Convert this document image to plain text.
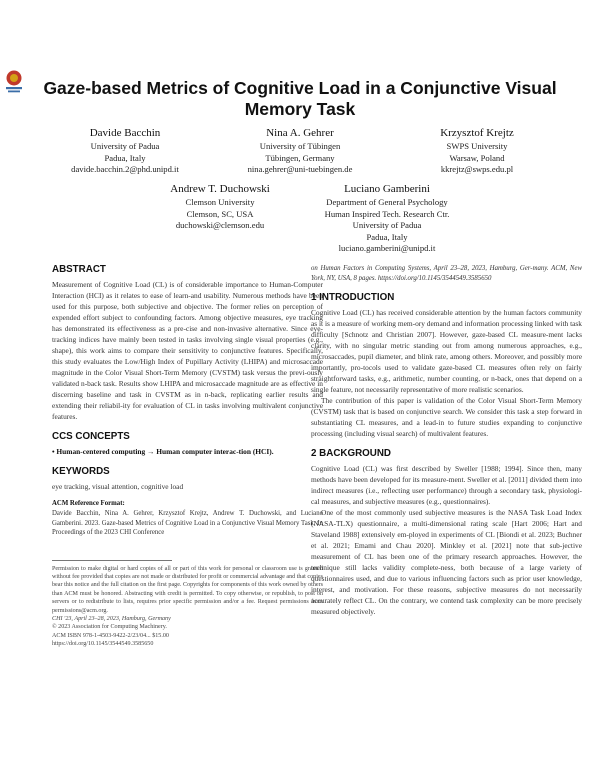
Gaze-based Metrics of Cognitive Load in a Conjunctive Visual Memory Task
Davide Bacchin
University of Padua
Padua, Italy
davide.bacchin.2@phd.unipd.it
Nina A. Gehrer
University of Tübingen
Tübingen, Germany
nina.gehrer@uni-tuebingen.de
Krzysztof Krejtz
SWPS University
Warsaw, Poland
kkrejtz@swps.edu.pl
Andrew T. Duchowski
Clemson University
Clemson, SC, USA
duchowski@clemson.edu
Luciano Gamberini
Department of General Psychology
Human Inspired Tech. Research Ctr.
University of Padua
Padua, Italy
luciano.gamberini@unipd.it
ABSTRACT

Measurement of Cognitive Load (CL) is of considerable importance to Human-Computer Interaction (HCI) as it relates to ease of learn-and usability. Numerous methods have been used for this purpose, both subjective and objective. The former relies on perception of expended effort subject to confounding factors. Among objective measures, eye tracking has demonstrated its effectiveness as a pre-cise and non-invasive alternative. Since eye-tracking indices have mainly been tested in tasks involving single visual properties (e.g., shape), this work aims to compare their sensitivity to conjunctive features. Specifically, this study evaluates the Low/High Index of Pupillary Activity (LHIPA) and microsaccade magnitude in the Color Visual Short-Term Memory (CVSTM) task versus the previ-ously validated n-back task. Results show LHIPA and microsaccade magnitude are as effective in discerning baseline and task in CVSTM as in n-back, replicating earlier results and extending their reliabil-ity for evaluation of CL in tasks involving multivalent conjunctive features.

CCS CONCEPTS

• Human-centered computing → Human computer interac-tion (HCI).

KEYWORDS

eye tracking, visual attention, cognitive load

ACM Reference Format:

Davide Bacchin, Nina A. Gehrer, Krzysztof Krejtz, Andrew T. Duchowski, and Luciano Gamberini. 2023. Gaze-based Metrics of Cognitive Load in a Conjunctive Visual Memory Task. In Proceedings of the 2023 CHI Conference

Permission to make digital or hard copies of all or part of this work for personal or classroom use is granted without fee provided that copies are not made or distributed for profit or commercial advantage and that copies bear this notice and the full citation on the first page. Copyrights for components of this work owned by others than ACM must be honored. Abstracting with credit is permitted. To copy otherwise, or republish, to post on servers or to redistribute to lists, requires prior specific permission and/or a fee. Request permissions from permissions@acm.org.

CHI '23, April 23–28, 2023, Hamburg, Germany

© 2023 Association for Computing Machinery.

ACM ISBN 978-1-4503-9422-2/23/04... $15.00

https://doi.org/10.1145/3544549.3585650

on Human Factors in Computing Systems, April 23–28, 2023, Hamburg, Ger-many. ACM, New York, NY, USA, 8 pages. https://doi.org/10.1145/3544549.3585650

1 INTRODUCTION

Cognitive Load (CL) has received considerable attention by the human factors community as it is a measure of working mem-ory demand and information processing linked with task difficulty [Schnotz and Christian 2007]. However, gaze-based CL measure-ment lacks clarity, with no singular metric standing out from among numerous approaches, e.g., microsaccades, pupil diameter, and blink rate, among others. Moreover, and possibly more importantly, pro-tocols used to validate gaze-based CL measures often rely on fairly straightforward tasks, e.g., arithmetic, number counting, or n-back, ones that depend on a single feature, not necessarily representative of more realistic scenarios.

The contribution of this paper is validation of the Color Visual Short-Term Memory (CVSTM) task that is based on conjunctive search. We consider this task a step forward in substantiating CL measures, and a lead-in to future studies expanding to conjunctive processing (including visual search) of multivalent features.

2 BACKGROUND

Cognitive Load (CL) was first described by Sweller [1988; 1994]. Since then, many methods have been developed for its measure-ment. Sweller et al. [2011] divided them into indirect measures (i.e., reflecting user performance) through a secondary task, physiologi-cal measures, and subjective measures (e.g., questionnaires).

One of the most commonly used subjective measures is the NASA Task Load Index (NASA-TLX) questionnaire, a multi-dimensional rating scale [Hart 2006; Hart and Staveland 1988] extensively em-ployed in experiments of CL [Biondi et al. 2023; Buchner et al. 2021; Emami and Chau 2020]. Minkley et al. [2021] note that sub-jective measurement of CL has been one of the primary research approaches. However, the technique still lacks validity complete-ness, both because of a large variety of questionnaires used, and due to various influencing factors such as prior user knowledge, interest, and motivation. For these reasons, subjective measures do not necessarily accurately reflect CL. On the contrary, we contend task complexity can be more precisely measured objectively.
